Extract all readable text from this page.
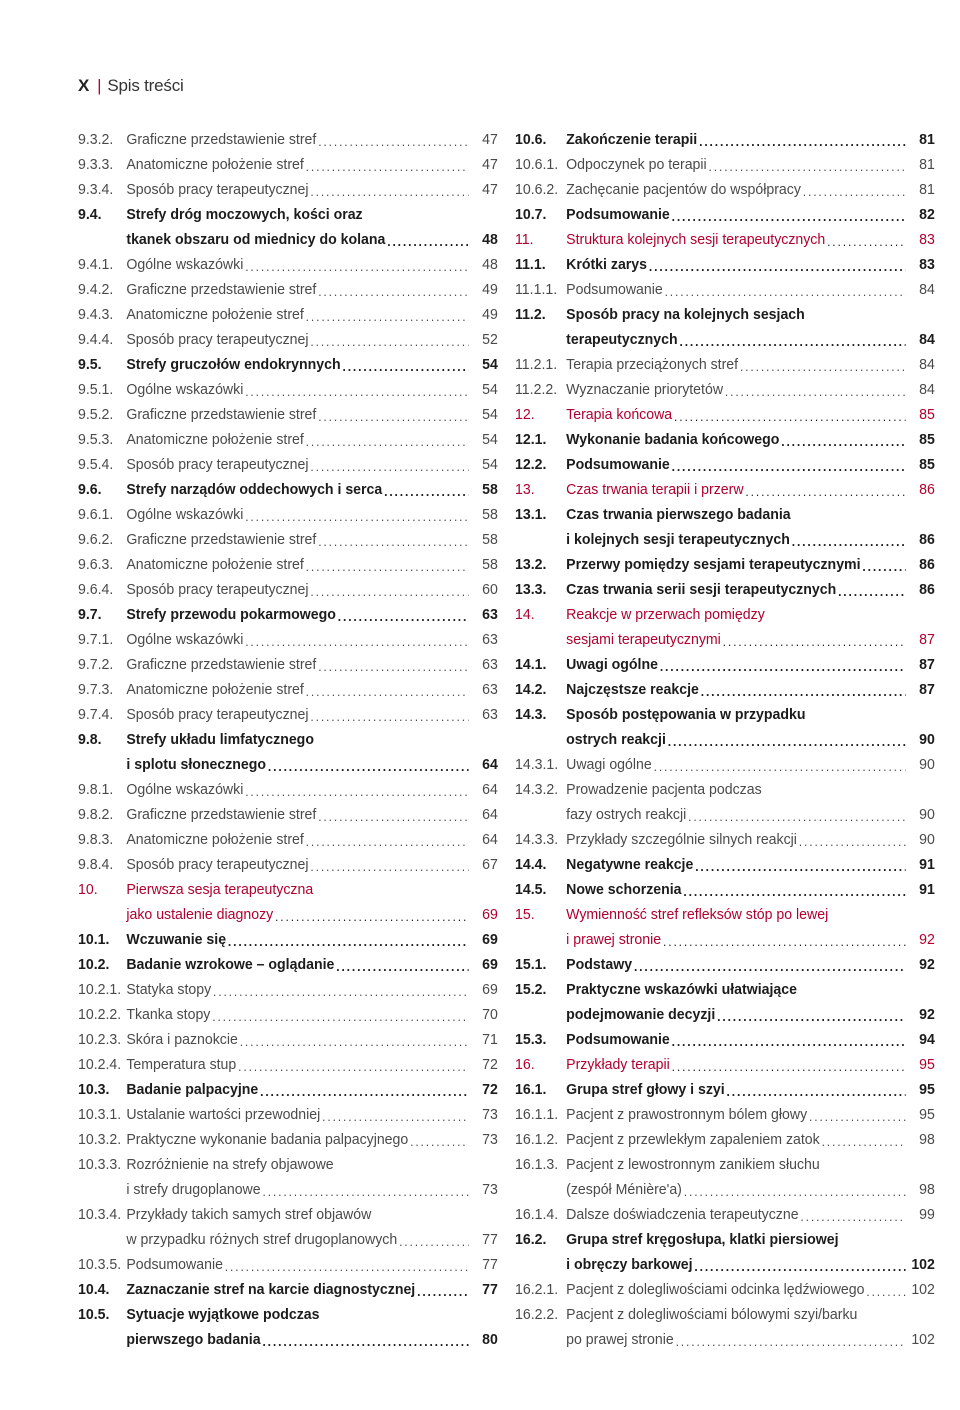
X | Spis treści
9.3.2. Graficzne przedstawienie stref .....	47
9.3.3. Anatomiczne położenie stref .....	47
9.3.4. Sposób pracy terapeutycznej .....	47
9.4.	Strefy dróg moczowych, kości oraz
tkanek obszaru od miednicy do kolana .....	48
9.4.1. Ogólne wskazówki .....	48
9.4.2. Graficzne przedstawienie stref .....	49
9.4.3. Anatomiczne położenie stref .....	49
9.4.4. Sposób pracy terapeutycznej .....	52
9.5.	Strefy gruczołów endokrynnych .....	54
9.5.1. Ogólne wskazówki .....	54
9.5.2. Graficzne przedstawienie stref .....	54
9.5.3. Anatomiczne położenie stref .....	54
9.5.4. Sposób pracy terapeutycznej .....	54
9.6.	Strefy narządów oddechowych i serca .....	58
9.6.1. Ogólne wskazówki .....	58
9.6.2. Graficzne przedstawienie stref .....	58
9.6.3. Anatomiczne położenie stref .....	58
9.6.4. Sposób pracy terapeutycznej .....	60
9.7.	Strefy przewodu pokarmowego .....	63
9.7.1. Ogólne wskazówki .....	63
9.7.2. Graficzne przedstawienie stref .....	63
9.7.3. Anatomiczne położenie stref .....	63
9.7.4. Sposób pracy terapeutycznej .....	63
9.8.	Strefy układu limfatycznego
i splotu słonecznego .....	64
9.8.1. Ogólne wskazówki .....	64
9.8.2. Graficzne przedstawienie stref .....	64
9.8.3. Anatomiczne położenie stref .....	64
9.8.4. Sposób pracy terapeutycznej .....	67
10.	Pierwsza sesja terapeutyczna
jako ustalenie diagnozy .....	69
10.1.	Wczuwanie się .....	69
10.2.	Badanie wzrokowe – oglądanie .....	69
10.2.1. Statyka stopy .....	69
10.2.2. Tkanka stopy .....	70
10.2.3. Skóra i paznokcie .....	71
10.2.4. Temperatura stup .....	72
10.3.	Badanie palpacyjne .....	72
10.3.1. Ustalanie wartości przewodniej .....	73
10.3.2. Praktyczne wykonanie badania palpacyjnego .....	73
10.3.3. Rozróżnienie na strefy objawowe
i strefy drugoplanowe .....	73
10.3.4. Przykłady takich samych stref objawów
w przypadku różnych stref drugoplanowych .....	77
10.3.5. Podsumowanie .....	77
10.4.	Zaznaczanie stref na karcie diagnostycznej .....	77
10.5.	Sytuacje wyjątkowe podczas
pierwszego badania .....	80
10.6.	Zakończenie terapii .....	81
10.6.1. Odpoczynek po terapii .....	81
10.6.2. Zachęcanie pacjentów do współpracy .....	81
10.7.	Podsumowanie .....	82
11.	Struktura kolejnych sesji terapeutycznych .....	83
11.1.	Krótki zarys .....	83
11.1.1. Podsumowanie .....	84
11.2.	Sposób pracy na kolejnych sesjach
terapeutycznych .....	84
11.2.1. Terapia przeciążonych stref .....	84
11.2.2. Wyznaczanie priorytetów .....	84
12.	Terapia końcowa .....	85
12.1.	Wykonanie badania końcowego .....	85
12.2.	Podsumowanie .....	85
13.	Czas trwania terapii i przerw .....	86
13.1.	Czas trwania pierwszego badania
i kolejnych sesji terapeutycznych .....	86
13.2.	Przerwy pomiędzy sesjami terapeutycznymi .....	86
13.3.	Czas trwania serii sesji terapeutycznych .....	86
14.	Reakcje w przerwach pomiędzy
sesjami terapeutycznymi .....	87
14.1.	Uwagi ogólne .....	87
14.2.	Najczęstsze reakcje .....	87
14.3.	Sposób postępowania w przypadku
ostrych reakcji .....	90
14.3.1. Uwagi ogólne .....	90
14.3.2. Prowadzenie pacjenta podczas
fazy ostrych reakcji .....	90
14.3.3. Przykłady szczególnie silnych reakcji .....	90
14.4.	Negatywne reakcje .....	91
14.5.	Nowe schorzenia .....	91
15.	Wymienność stref refleksów stóp po lewej
i prawej stronie .....	92
15.1.	Podstawy .....	92
15.2.	Praktyczne wskazówki ułatwiające
podejmowanie decyzji .....	92
15.3.	Podsumowanie .....	94
16.	Przykłady terapii .....	95
16.1.	Grupa stref głowy i szyi .....	95
16.1.1. Pacjent z prawostronnym bólem głowy .....	95
16.1.2. Pacjent z przewlekłym zapaleniem zatok .....	98
16.1.3. Pacjent z lewostronnym zanikiem słuchu
(zespół Ménière'a) .....	98
16.1.4. Dalsze doświadczenia terapeutyczne .....	99
16.2.	Grupa stref kręgosłupa, klatki piersiowej
i obręczy barkowej .....	102
16.2.1. Pacjent z dolegliwościami odcinka lędźwiowego .....	102
16.2.2. Pacjent z dolegliwościami bólowymi szyi/barku
po prawej stronie .....	102
